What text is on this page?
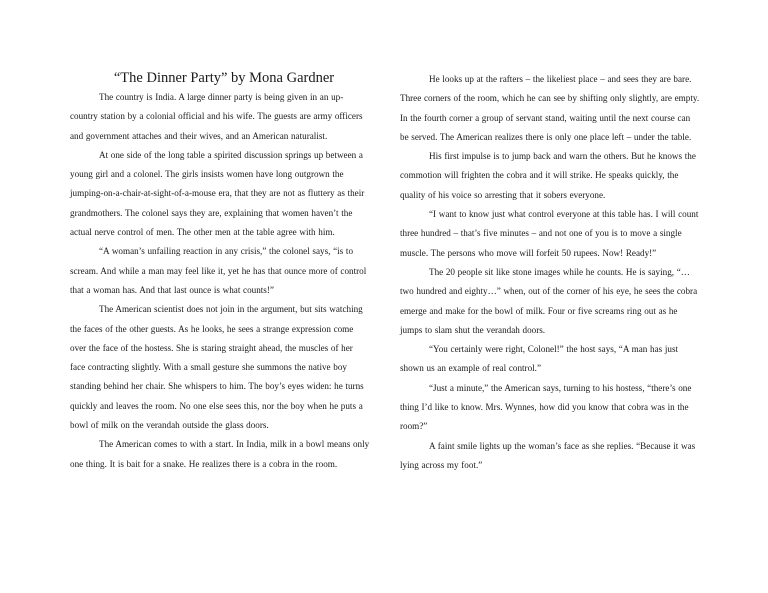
“The Dinner Party” by Mona Gardner

The country is India. A large dinner party is being given in an up-country station by a colonial official and his wife. The guests are army officers and government attaches and their wives, and an American naturalist.

At one side of the long table a spirited discussion springs up between a young girl and a colonel. The girls insists women have long outgrown the jumping-on-a-chair-at-sight-of-a-mouse era, that they are not as fluttery as their grandmothers. The colonel says they are, explaining that women haven’t the actual nerve control of men. The other men at the table agree with him.

“A woman’s unfailing reaction in any crisis,” the colonel says, “is to scream. And while a man may feel like it, yet he has that ounce more of control that a woman has. And that last ounce is what counts!”

The American scientist does not join in the argument, but sits watching the faces of the other guests. As he looks, he sees a strange expression come over the face of the hostess. She is staring straight ahead, the muscles of her face contracting slightly. With a small gesture she summons the native boy standing behind her chair. She whispers to him. The boy’s eyes widen: he turns quickly and leaves the room. No one else sees this, nor the boy when he puts a bowl of milk on the verandah outside the glass doors.

The American comes to with a start. In India, milk in a bowl means only one thing. It is bait for a snake. He realizes there is a cobra in the room.

He looks up at the rafters – the likeliest place – and sees they are bare. Three corners of the room, which he can see by shifting only slightly, are empty. In the fourth corner a group of servant stand, waiting until the next course can be served. The American realizes there is only one place left – under the table.

His first impulse is to jump back and warn the others. But he knows the commotion will frighten the cobra and it will strike. He speaks quickly, the quality of his voice so arresting that it sobers everyone.

“I want to know just what control everyone at this table has. I will count three hundred – that’s five minutes – and not one of you is to move a single muscle. The persons who move will forfeit 50 rupees. Now! Ready!”

The 20 people sit like stone images while he counts. He is saying, “…two hundred and eighty…” when, out of the corner of his eye, he sees the cobra emerge and make for the bowl of milk. Four or five screams ring out as he jumps to slam shut the verandah doors.

“You certainly were right, Colonel!” the host says, “A man has just shown us an example of real control.”

“Just a minute,” the American says, turning to his hostess, “there’s one thing I’d like to know. Mrs. Wynnes, how did you know that cobra was in the room?”

A faint smile lights up the woman’s face as she replies. “Because it was lying across my foot.”
